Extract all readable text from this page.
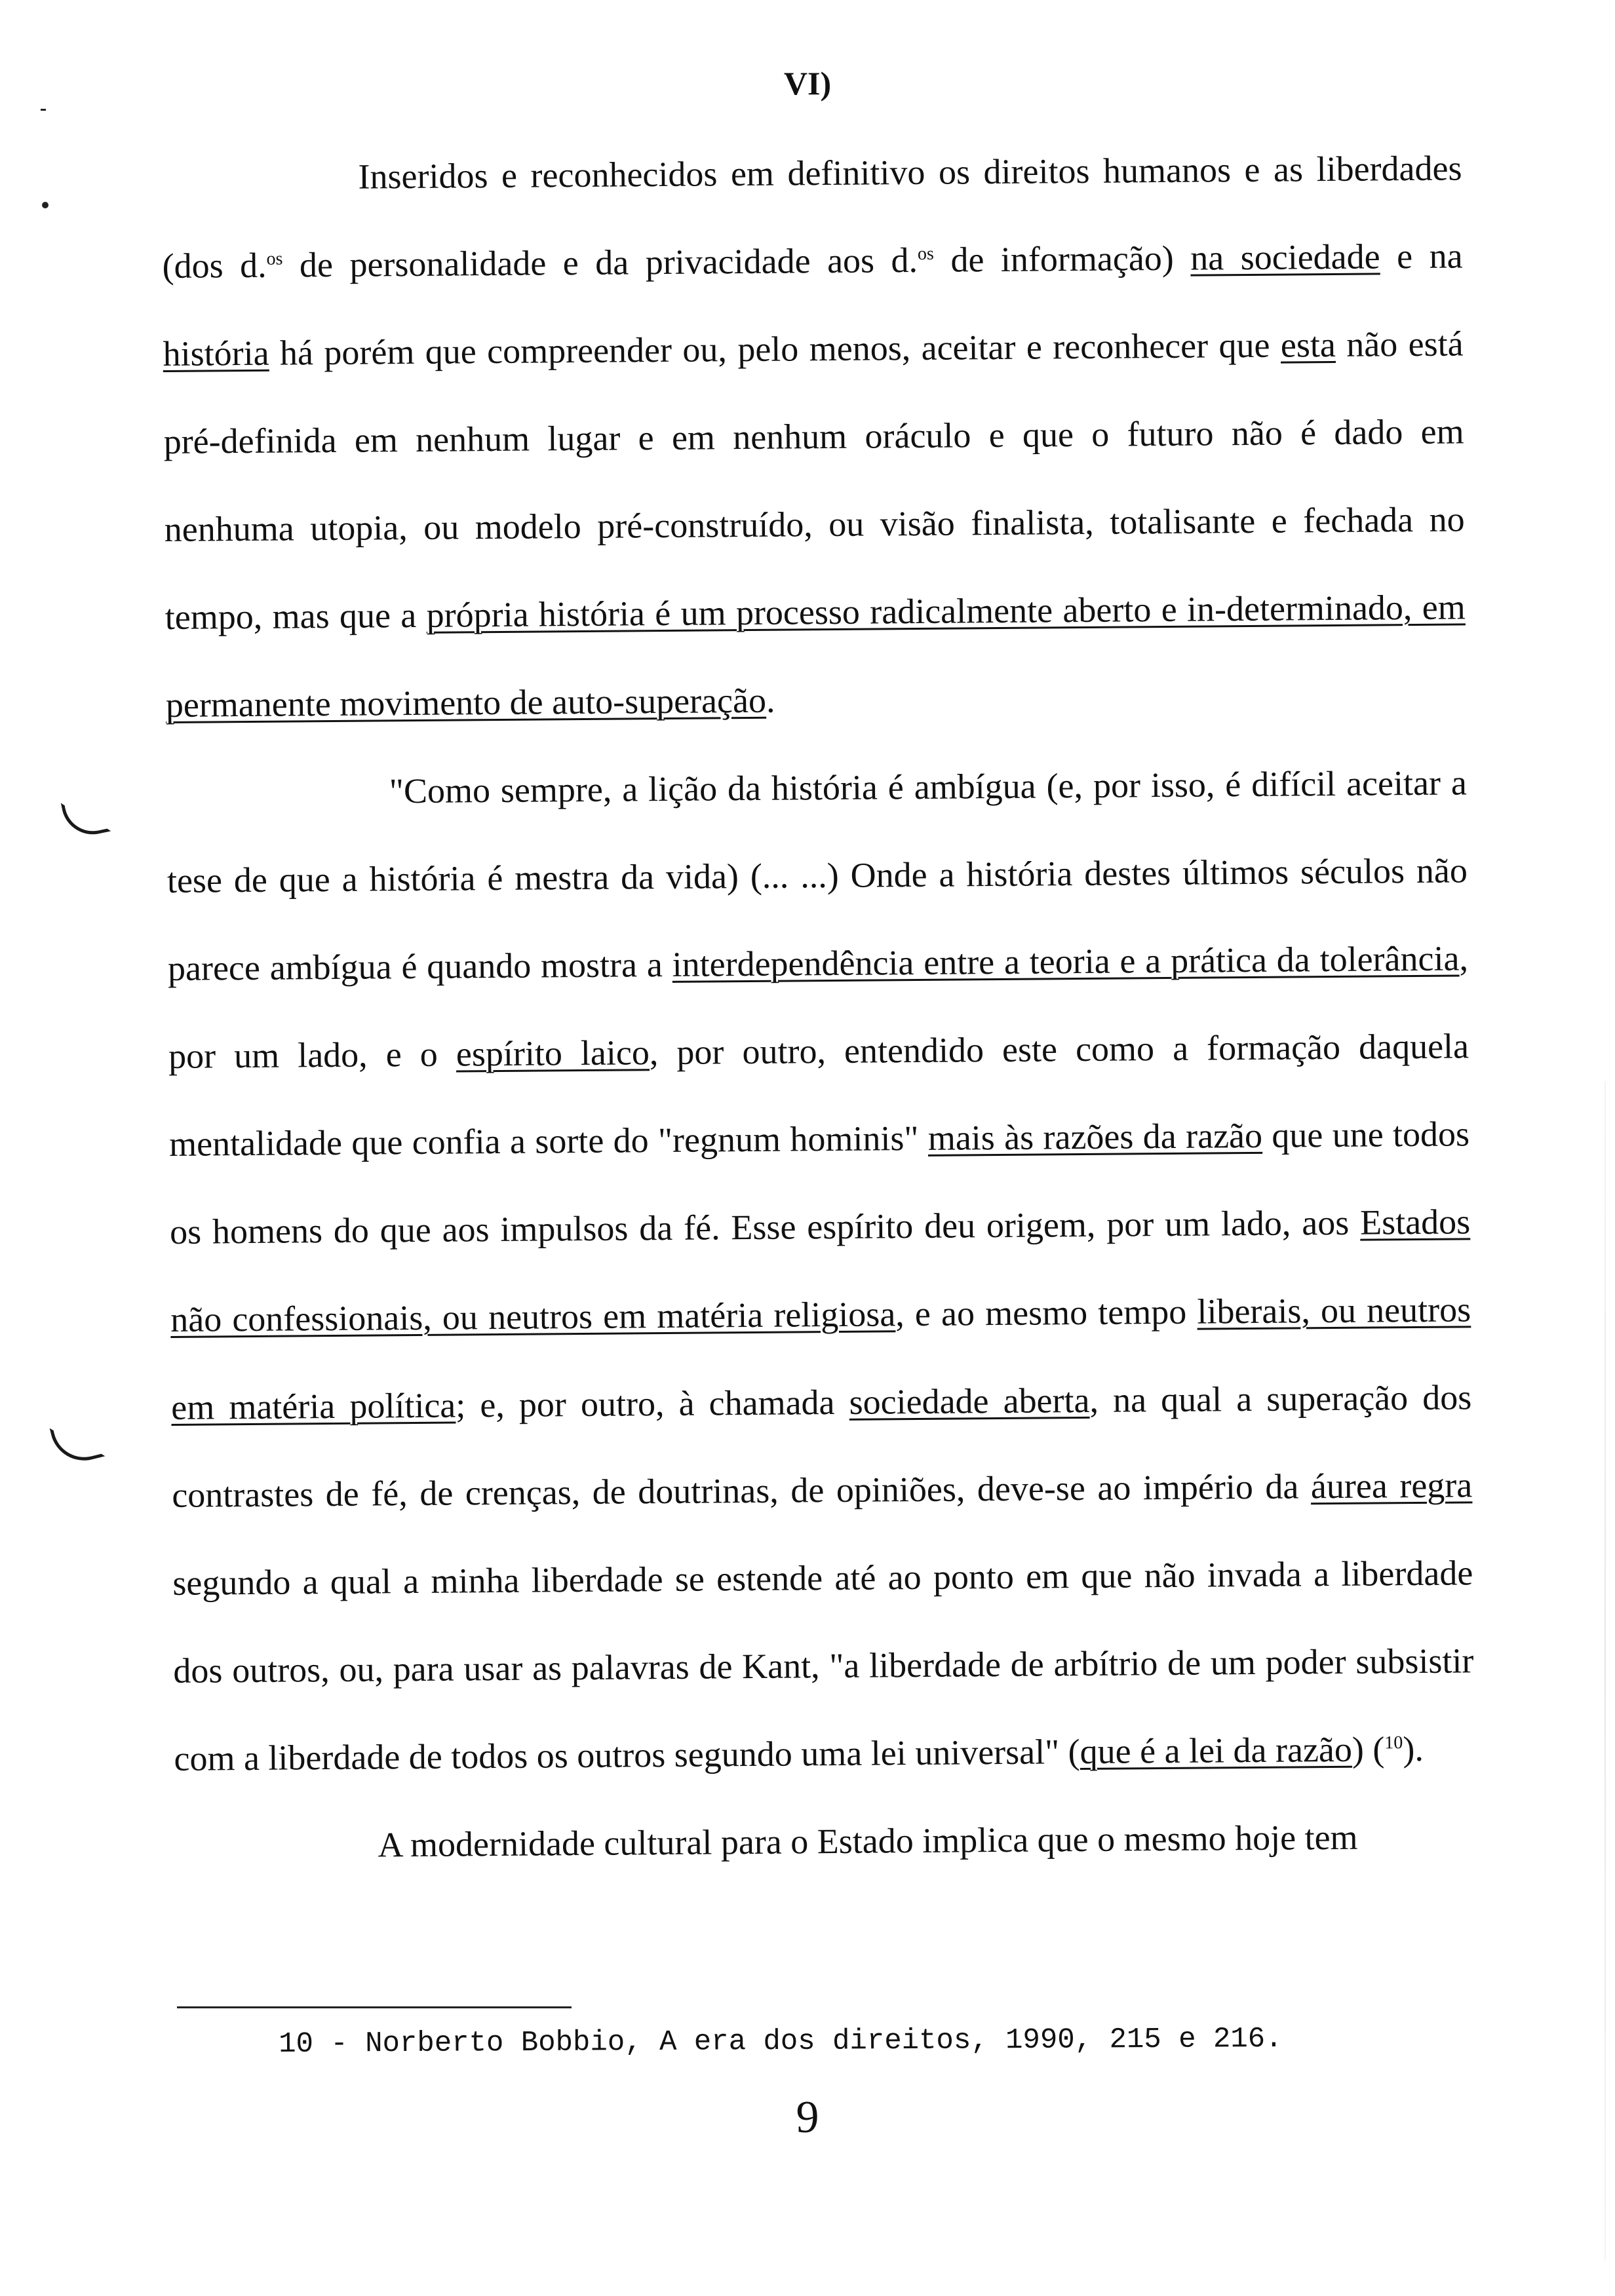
VI)

Inseridos e reconhecidos em definitivo os direitos humanos e as liberdades (dos d.$^{os}$ de personalidade e da privacidade aos d.$^{os}$ de informação) na sociedade e na história há porém que compreender ou, pelo menos, aceitar e reconhecer que esta não está pré-definida em nenhum lugar e em nenhum oráculo e que o futuro não é dado em nenhuma utopia, ou modelo pré-construído, ou visão finalista, totalisante e fechada no tempo, mas que a própria história é um processo radicalmente aberto e in-determinado, em permanente movimento de auto-superação.

"Como sempre, a lição da história é ambígua (e, por isso, é difícil aceitar a tese de que a história é mestra da vida) (... ...) Onde a história destes últimos séculos não parece ambígua é quando mostra a interdependência entre a teoria e a prática da tolerância, por um lado, e o espírito laico, por outro, entendido este como a formação daquela mentalidade que confia a sorte do "regnum hominis" mais às razões da razão que une todos os homens do que aos impulsos da fé. Esse espírito deu origem, por um lado, aos Estados não confessionais, ou neutros em matéria religiosa, e ao mesmo tempo liberais, ou neutros em matéria política; e, por outro, à chamada sociedade aberta, na qual a superação dos contrastes de fé, de crenças, de doutrinas, de opiniões, deve-se ao império da áurea regra segundo a qual a minha liberdade se estende até ao ponto em que não invada a liberdade dos outros, ou, para usar as palavras de Kant, "a liberdade de arbítrio de um poder subsistir com a liberdade de todos os outros segundo uma lei universal" (que é a lei da razão) ($^{10}$).

A modernidade cultural para o Estado implica que o mesmo hoje tem

10 - Norberto Bobbio, A era dos direitos, 1990, 215 e 216.
9
